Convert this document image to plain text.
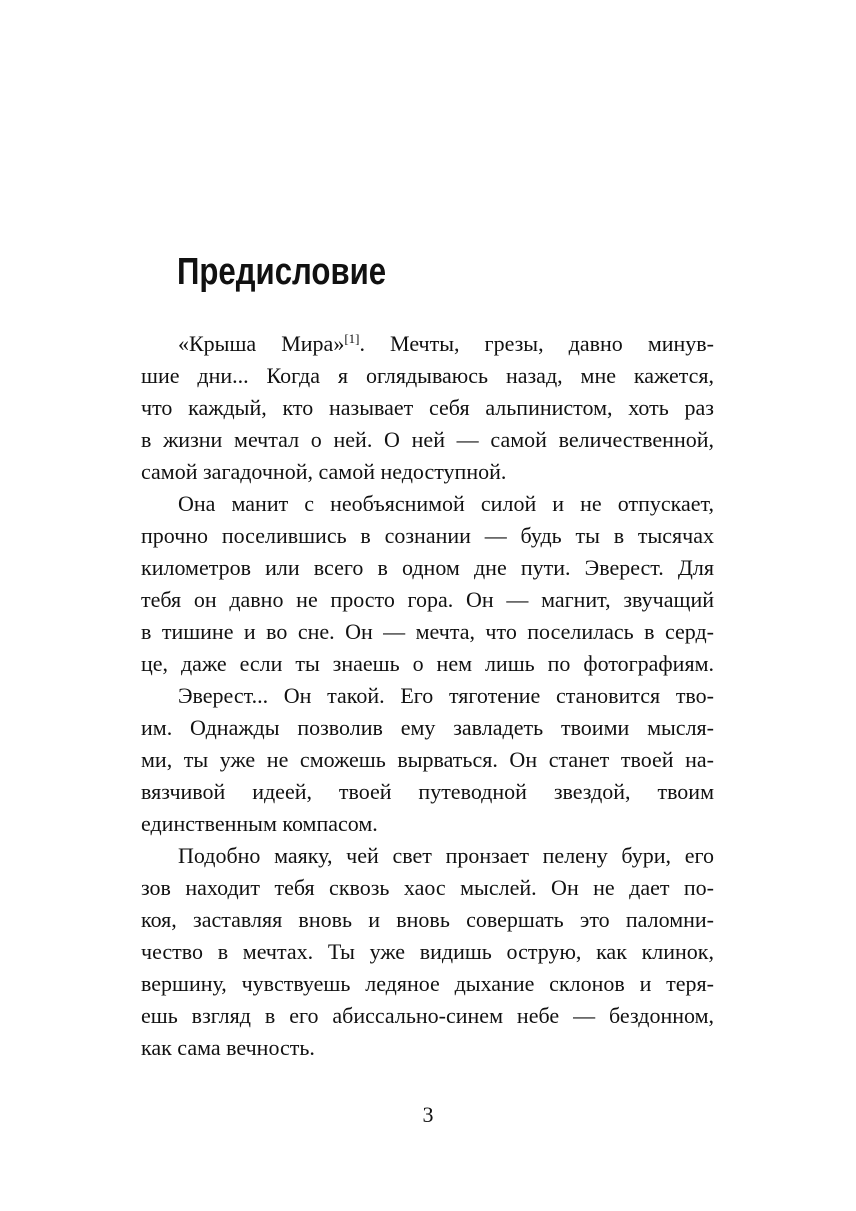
Предисловие
«Крыша Мира»[1]. Мечты, грезы, давно минув-
шие дни... Когда я оглядываюсь назад, мне кажется,
что каждый, кто называет себя альпинистом, хоть раз
в жизни мечтал о ней. О ней — самой величественной,
самой загадочной, самой недоступной.
Она манит с необъяснимой силой и не отпускает,
прочно поселившись в сознании — будь ты в тысячах
километров или всего в одном дне пути. Эверест. Для
тебя он давно не просто гора. Он — магнит, звучащий
в тишине и во сне. Он — мечта, что поселилась в серд-
це, даже если ты знаешь о нем лишь по фотографиям.
Эверест... Он такой. Его тяготение становится тво-
им. Однажды позволив ему завладеть твоими мысля-
ми, ты уже не сможешь вырваться. Он станет твоей на-
вязчивой идеей, твоей путеводной звездой, твоим
единственным компасом.
Подобно маяку, чей свет пронзает пелену бури, его
зов находит тебя сквозь хаос мыслей. Он не дает по-
коя, заставляя вновь и вновь совершать это паломни-
чество в мечтах. Ты уже видишь острую, как клинок,
вершину, чувствуешь ледяное дыхание склонов и теря-
ешь взгляд в его абиссально-синем небе — бездонном,
как сама вечность.
3
